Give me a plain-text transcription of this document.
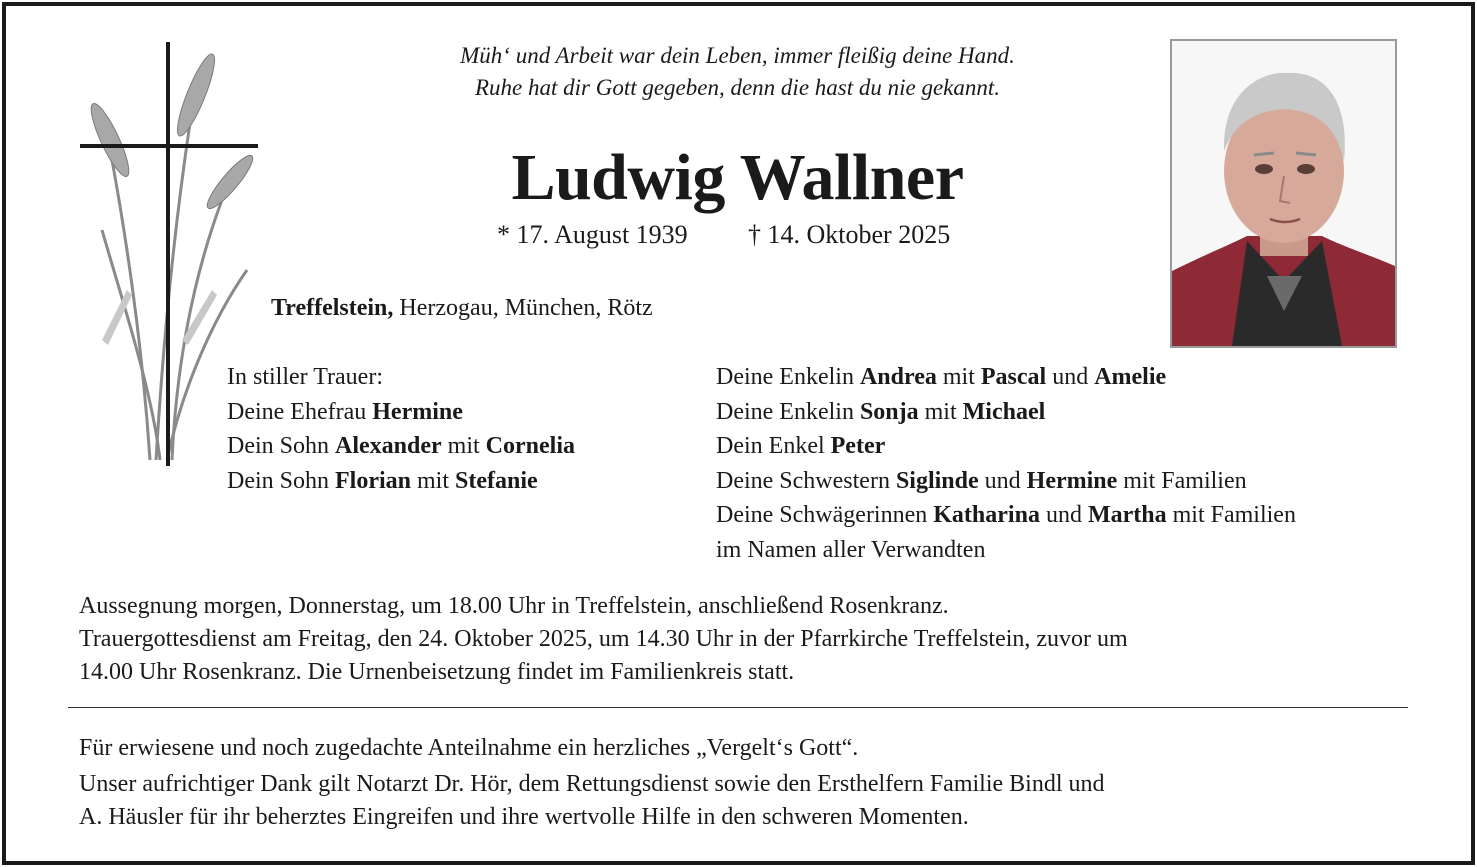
Müh‘ und Arbeit war dein Leben, immer fleißig deine Hand.
Ruhe hat dir Gott gegeben, denn die hast du nie gekannt.
Ludwig Wallner
* 17. August 1939 † 14. Oktober 2025
Treffelstein, Herzogau, München, Rötz
In stiller Trauer:
Deine Ehefrau Hermine
Dein Sohn Alexander mit Cornelia
Dein Sohn Florian mit Stefanie
Deine Enkelin Andrea mit Pascal und Amelie
Deine Enkelin Sonja mit Michael
Dein Enkel Peter
Deine Schwestern Siglinde und Hermine mit Familien
Deine Schwägerinnen Katharina und Martha mit Familien
im Namen aller Verwandten
Aussegnung morgen, Donnerstag, um 18.00 Uhr in Treffelstein, anschließend Rosenkranz.
Trauergottesdienst am Freitag, den 24. Oktober 2025, um 14.30 Uhr in der Pfarrkirche Treffelstein, zuvor um
14.00 Uhr Rosenkranz. Die Urnenbeisetzung findet im Familienkreis statt.
Für erwiesene und noch zugedachte Anteilnahme ein herzliches „Vergelt‘s Gott“.
Unser aufrichtiger Dank gilt Notarzt Dr. Hör, dem Rettungsdienst sowie den Ersthelfern Familie Bindl und
A. Häusler für ihr beherztes Eingreifen und ihre wertvolle Hilfe in den schweren Momenten.
